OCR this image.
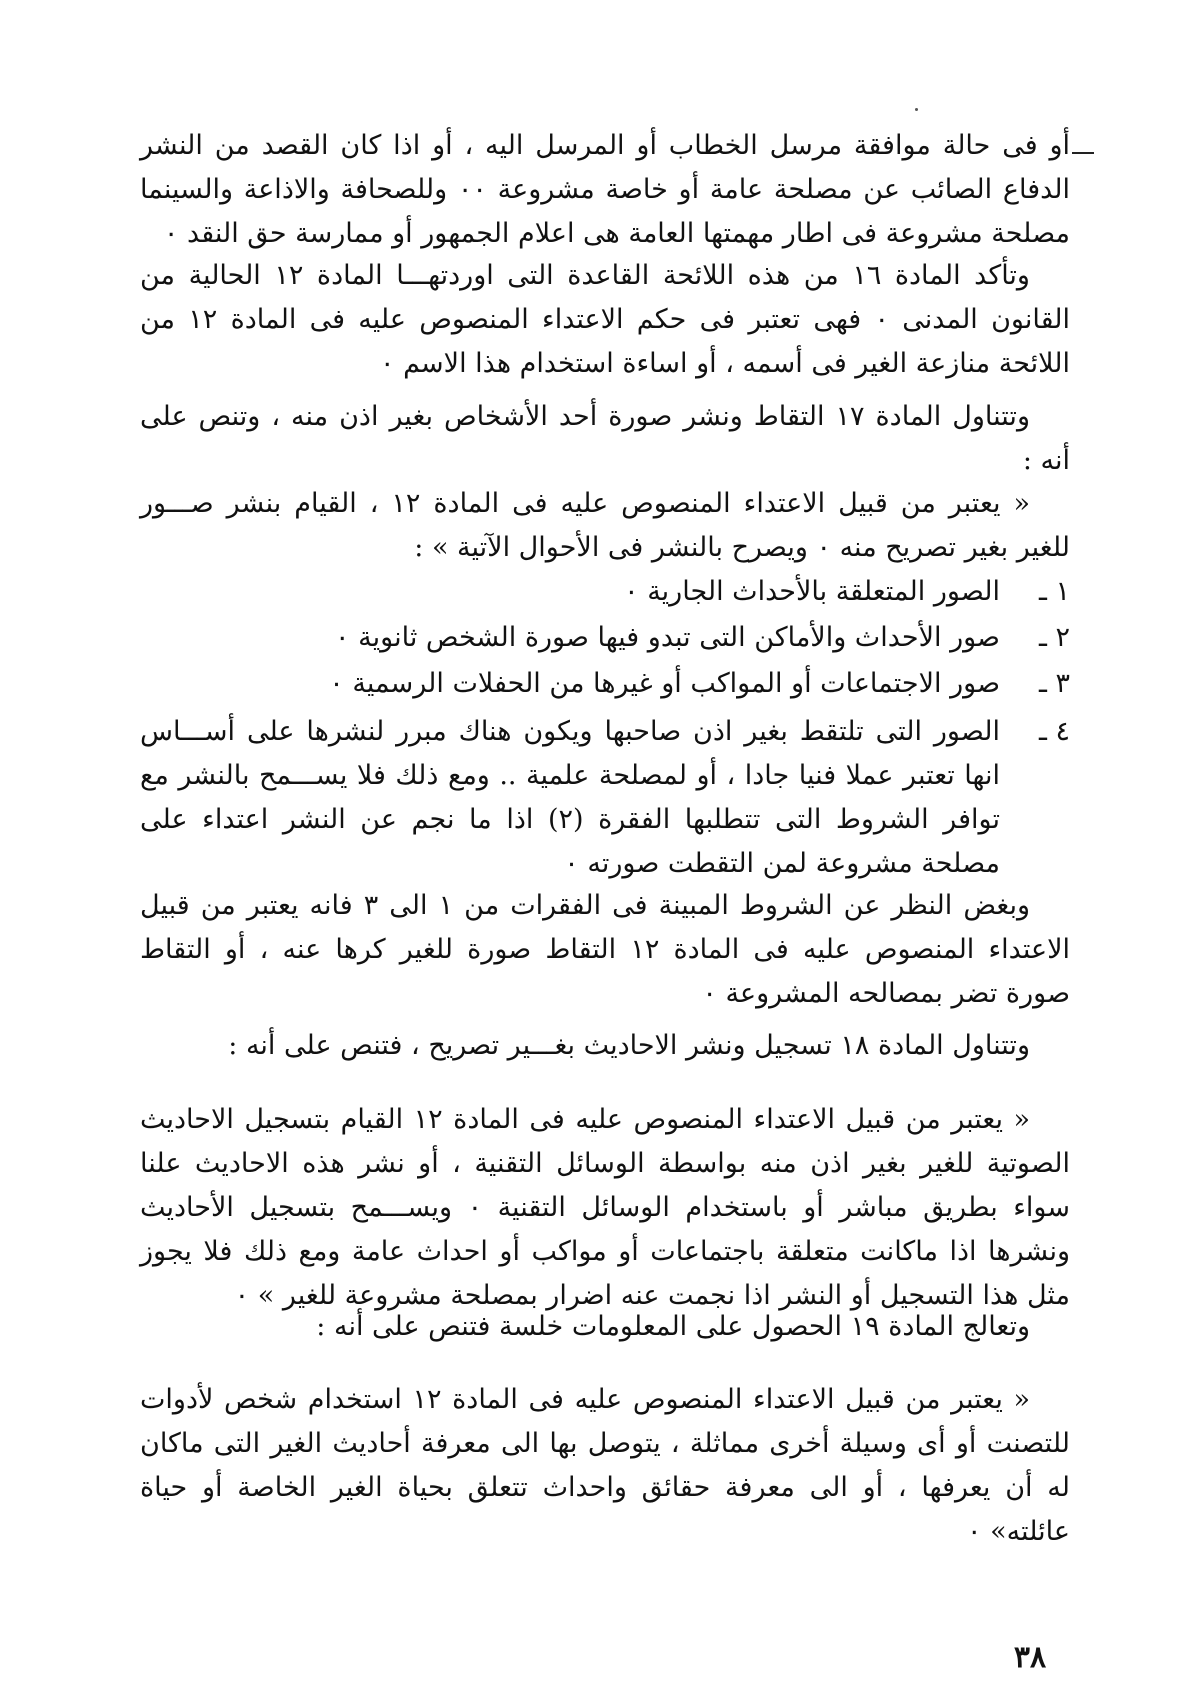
أو فى حالة موافقة مرسل الخطاب أو المرسل اليه ، أو اذا كان القصد من النشر الدفاع الصائب عن مصلحة عامة أو خاصة مشروعة ٠٠ وللصحافة والاذاعة والسينما مصلحة مشروعة فى اطار مهمتها العامة هى اعلام الجمهور أو ممارسة حق النقد ٠
وتأكد المادة ١٦ من هذه اللائحة القاعدة التى اوردتهـــا المادة ١٢ الحالية من القانون المدنى ٠ فهى تعتبر فى حكم الاعتداء المنصوص عليه فى المادة ١٢ من اللائحة منازعة الغير فى أسمه ، أو اساءة استخدام هذا الاسم ٠
وتتناول المادة ١٧ التقاط ونشر صورة أحد الأشخاص بغير اذن منه ، وتنص على أنه :
« يعتبر من قبيل الاعتداء المنصوص عليه فى المادة ١٢ ، القيام بنشر صـــور للغير بغير تصريح منه ٠ ويصرح بالنشر فى الأحوال الآتية » :
١ ـ
الصور المتعلقة بالأحداث الجارية ٠
٢ ـ
صور الأحداث والأماكن التى تبدو فيها صورة الشخص ثانوية ٠
٣ ـ
صور الاجتماعات أو المواكب أو غيرها من الحفلات الرسمية ٠
٤ ـ
الصور التى تلتقط بغير اذن صاحبها ويكون هناك مبرر لنشرها على أســـاس انها تعتبر عملا فنيا جادا ، أو لمصلحة علمية .. ومع ذلك فلا يســـمح بالنشر مع توافر الشروط التى تتطلبها الفقرة (٢) اذا ما نجم عن النشر اعتداء على مصلحة مشروعة لمن التقطت صورته ٠
وبغض النظر عن الشروط المبينة فى الفقرات من ١ الى ٣ فانه يعتبر من قبيل الاعتداء المنصوص عليه فى المادة ١٢ التقاط صورة للغير كرها عنه ، أو التقاط صورة تضر بمصالحه المشروعة ٠
وتتناول المادة ١٨ تسجيل ونشر الاحاديث بغـــير تصريح ، فتنص على أنه :
« يعتبر من قبيل الاعتداء المنصوص عليه فى المادة ١٢ القيام بتسجيل الاحاديث الصوتية للغير بغير اذن منه بواسطة الوسائل التقنية ، أو نشر هذه الاحاديث علنا سواء بطريق مباشر أو باستخدام الوسائل التقنية ٠ ويســـمح بتسجيل الأحاديث ونشرها اذا ماكانت متعلقة باجتماعات أو مواكب أو احداث عامة ومع ذلك فلا يجوز مثل هذا التسجيل أو النشر اذا نجمت عنه اضرار بمصلحة مشروعة للغير » ٠
وتعالج المادة ١٩ الحصول على المعلومات خلسة فتنص على أنه :
« يعتبر من قبيل الاعتداء المنصوص عليه فى المادة ١٢ استخدام شخص لأدوات للتصنت أو أى وسيلة أخرى مماثلة ، يتوصل بها الى معرفة أحاديث الغير التى ماكان له أن يعرفها ، أو الى معرفة حقائق واحداث تتعلق بحياة الغير الخاصة أو حياة عائلته» ٠
٣٨
